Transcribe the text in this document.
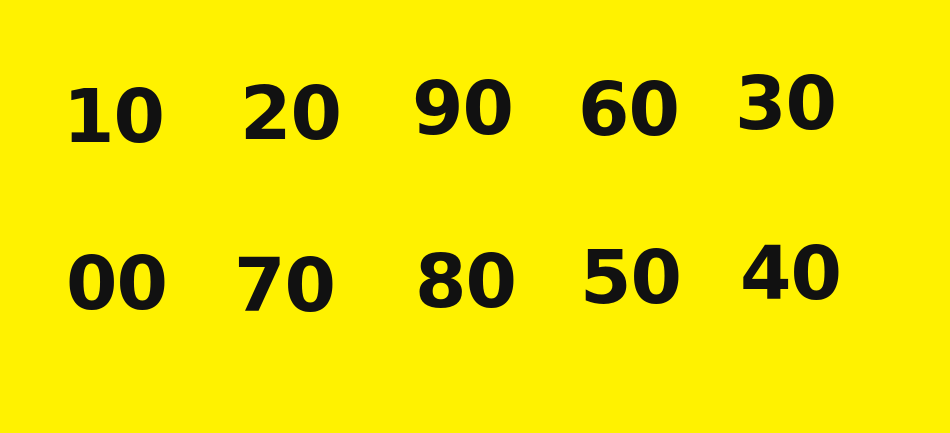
10 20 90 60 30
00 70 80 50 40
